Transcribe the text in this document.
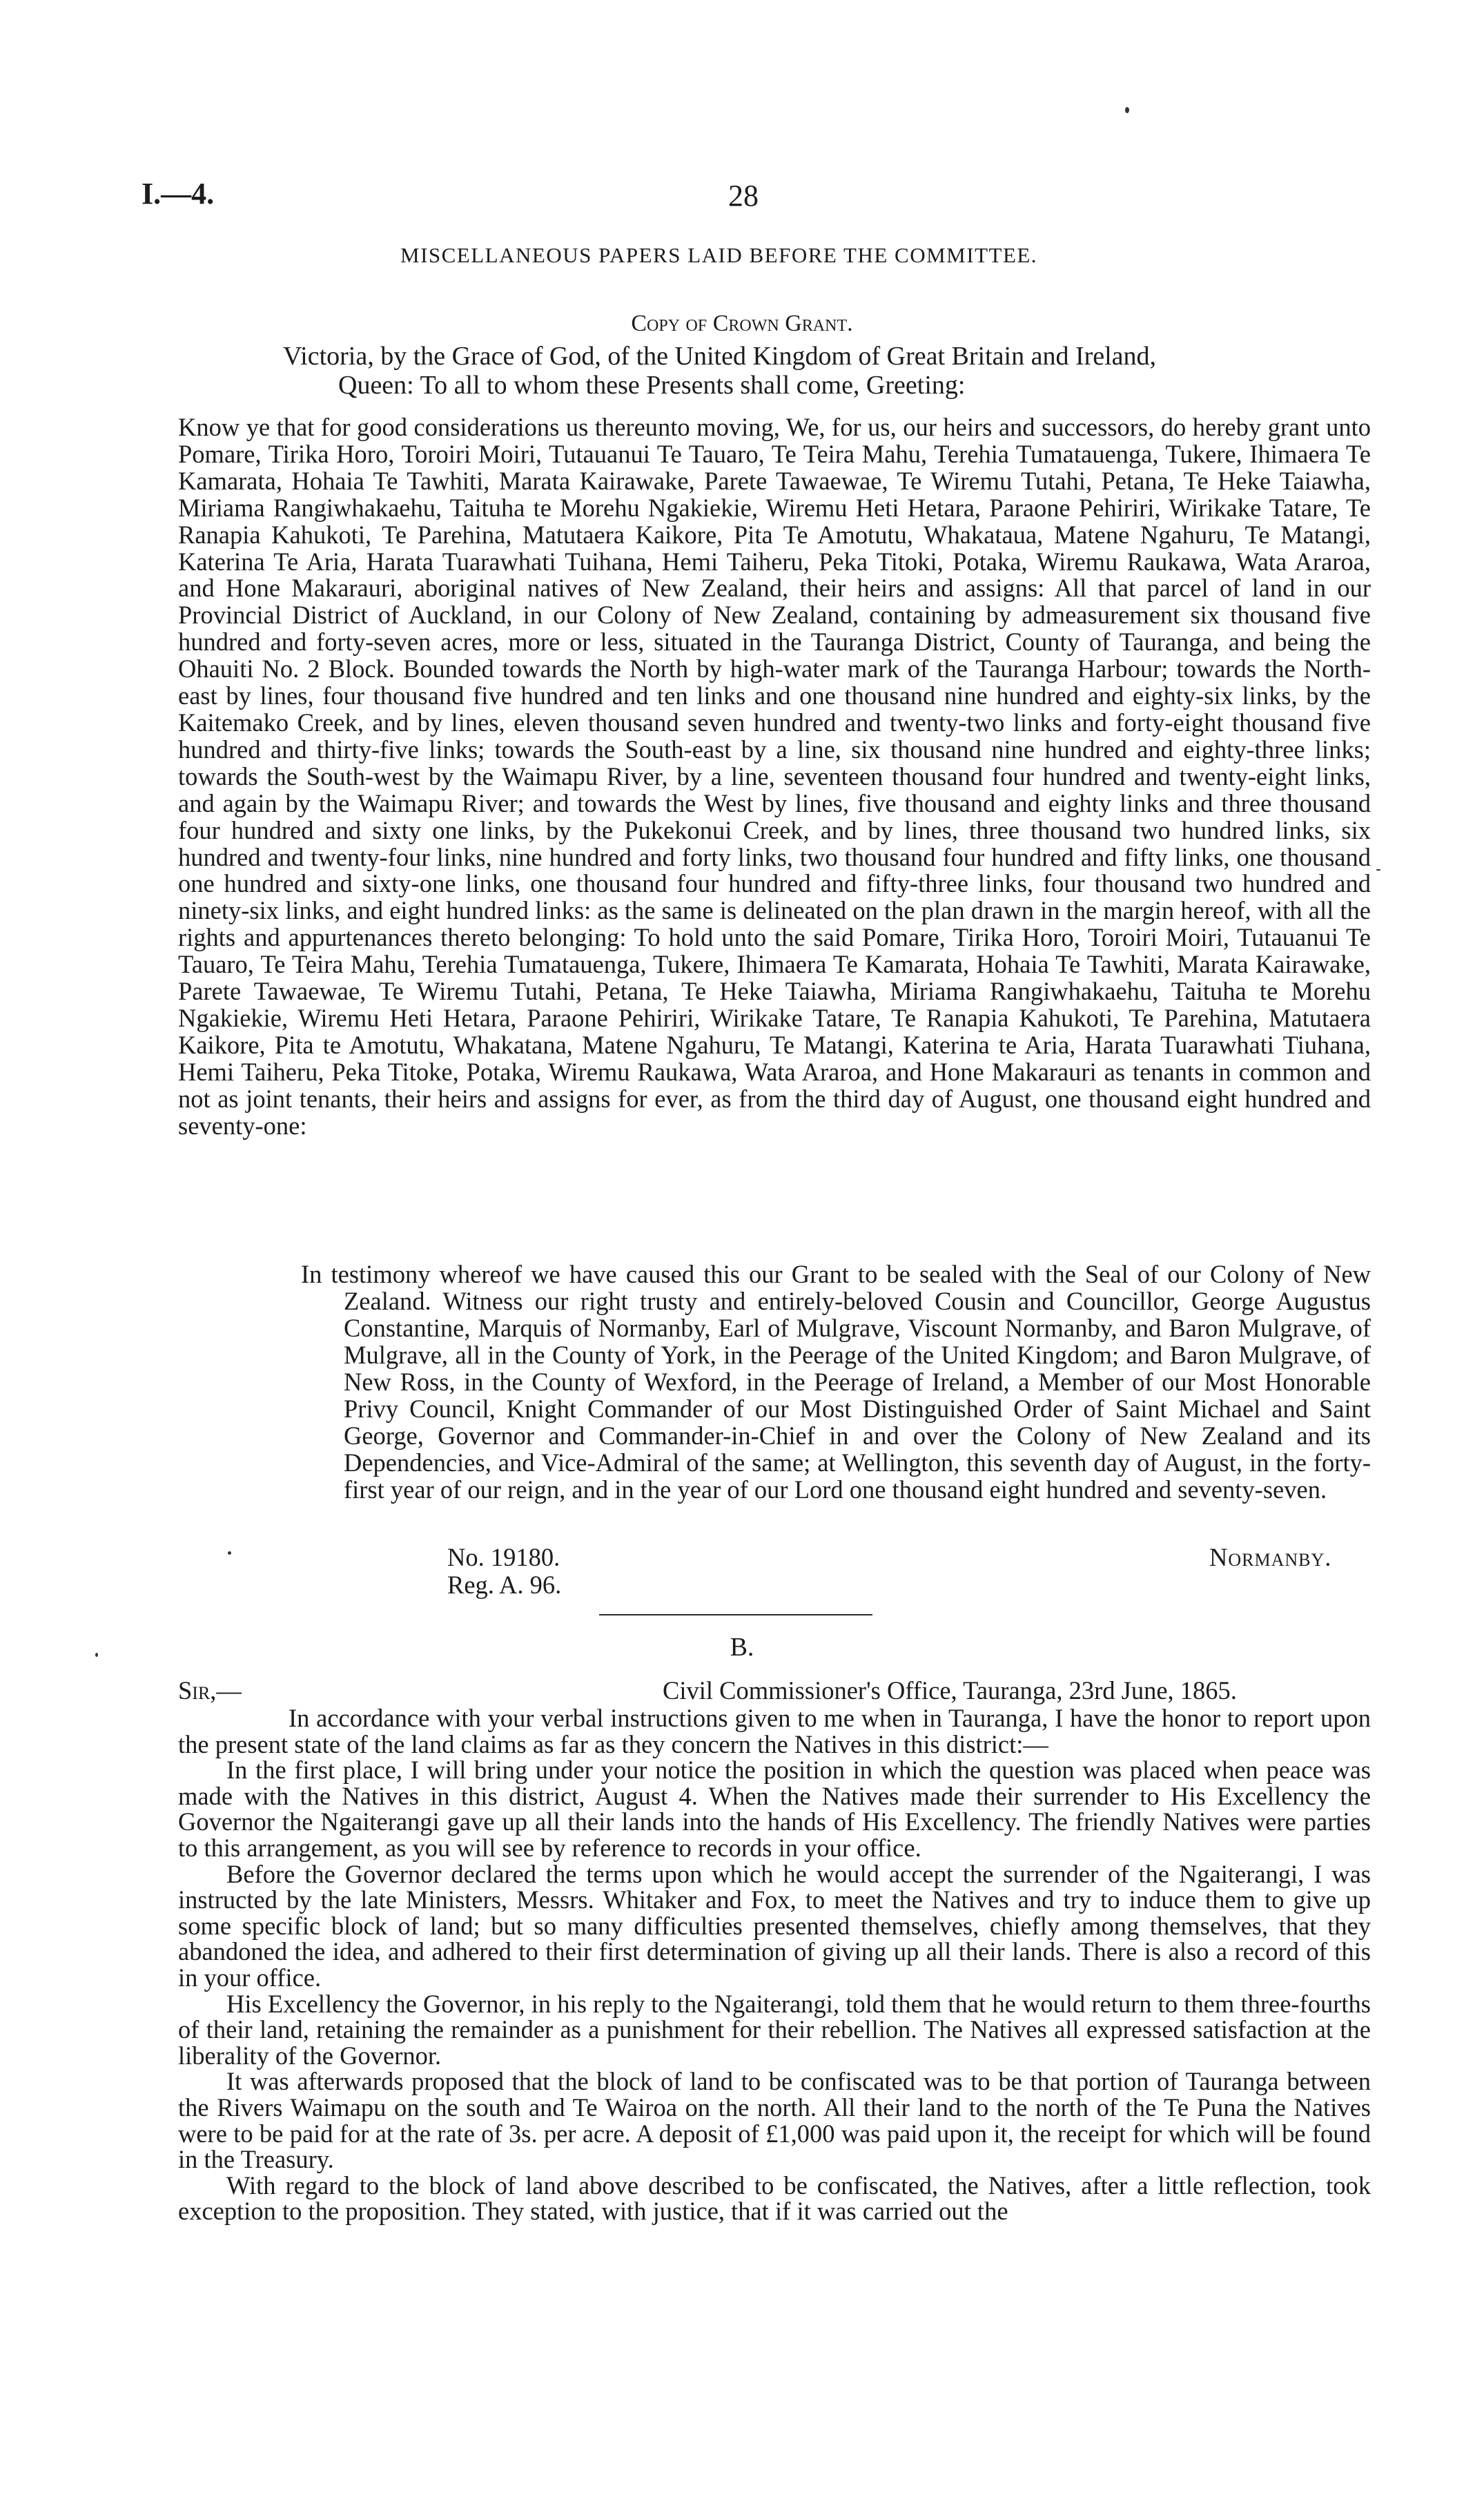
I.—4.	28
MISCELLANEOUS PAPERS LAID BEFORE THE COMMITTEE.
Copy of Crown Grant.
Victoria, by the Grace of God, of the United Kingdom of Great Britain and Ireland,
Queen: To all to whom these Presents shall come, Greeting:

Know ye that for good considerations us thereunto moving, We, for us, our heirs and successors, do hereby grant unto Pomare, Tirika Horo, Toroiri Moiri, Tutauanui Te Tauaro, Te Teira Mahu, Terehia Tumatauenga, Tukere, Ihimaera Te Kamarata, Hohaia Te Tawhiti, Marata Kairawake, Parete Tawaewae, Te Wiremu Tutahi, Petana, Te Heke Taiawha, Miriama Rangiwhakaehu, Taituha te Morehu Ngakiekie, Wiremu Heti Hetara, Paraone Pehiriri, Wirikake Tatare, Te Ranapia Kahukoti, Te Parehina, Matutaera Kaikore, Pita Te Amotutu, Whakataua, Matene Ngahuru, Te Matangi, Katerina Te Aria, Harata Tuarawhati Tuihana, Hemi Taiheru, Peka Titoki, Potaka, Wiremu Raukawa, Wata Araroa, and Hone Makarauri, aboriginal natives of New Zealand, their heirs and assigns: All that parcel of land in our Provincial District of Auckland, in our Colony of New Zealand, containing by admeasurement six thousand five hundred and forty-seven acres, more or less, situated in the Tauranga District, County of Tauranga, and being the Ohauiti No. 2 Block. Bounded towards the North by high-water mark of the Tauranga Harbour; towards the North-east by lines, four thousand five hundred and ten links and one thousand nine hundred and eighty-six links, by the Kaitemako Creek, and by lines, eleven thousand seven hundred and twenty-two links and forty-eight thousand five hundred and thirty-five links; towards the South-east by a line, six thousand nine hundred and eighty-three links; towards the South-west by the Waimapu River, by a line, seventeen thousand four hundred and twenty-eight links, and again by the Waimapu River; and towards the West by lines, five thousand and eighty links and three thousand four hundred and sixty one links, by the Pukekonui Creek, and by lines, three thousand two hundred links, six hundred and twenty-four links, nine hundred and forty links, two thousand four hundred and fifty links, one thousand one hundred and sixty-one links, one thousand four hundred and fifty-three links, four thousand two hundred and ninety-six links, and eight hundred links: as the same is delineated on the plan drawn in the margin hereof, with all the rights and appurtenances thereto belonging: To hold unto the said Pomare, Tirika Horo, Toroiri Moiri, Tutauanui Te Tauaro, Te Teira Mahu, Terehia Tumatauenga, Tukere, Ihimaera Te Kamarata, Hohaia Te Tawhiti, Marata Kairawake, Parete Tawaewae, Te Wiremu Tutahi, Petana, Te Heke Taiawha, Miriama Rangiwhakaehu, Taituha te Morehu Ngakiekie, Wiremu Heti Hetara, Paraone Pehiriri, Wirikake Tatare, Te Ranapia Kahukoti, Te Parehina, Matutaera Kaikore, Pita te Amotutu, Whakatana, Matene Ngahuru, Te Matangi, Katerina te Aria, Harata Tuarawhati Tiuhana, Hemi Taiheru, Peka Titoke, Potaka, Wiremu Raukawa, Wata Araroa, and Hone Makarauri as tenants in common and not as joint tenants, their heirs and assigns for ever, as from the third day of August, one thousand eight hundred and seventy-one:

In testimony whereof we have caused this our Grant to be sealed with the Seal of our Colony of New Zealand. Witness our right trusty and entirely-beloved Cousin and Councillor, George Augustus Constantine, Marquis of Normanby, Earl of Mulgrave, Viscount Normanby, and Baron Mulgrave, of Mulgrave, all in the County of York, in the Peerage of the United Kingdom; and Baron Mulgrave, of New Ross, in the County of Wexford, in the Peerage of Ireland, a Member of our Most Honorable Privy Council, Knight Commander of our Most Distinguished Order of Saint Michael and Saint George, Governor and Commander-in-Chief in and over the Colony of New Zealand and its Dependencies, and Vice-Admiral of the same; at Wellington, this seventh day of August, in the forty-first year of our reign, and in the year of our Lord one thousand eight hundred and seventy-seven.

No. 19180.
Reg. A. 96.
Normanby.
B.
Sir,—	Civil Commissioner's Office, Tauranga, 23rd June, 1865.

In accordance with your verbal instructions given to me when in Tauranga, I have the honor to report upon the present state of the land claims as far as they concern the Natives in this district:—

In the first place, I will bring under your notice the position in which the question was placed when peace was made with the Natives in this district, August 4. When the Natives made their surrender to His Excellency the Governor the Ngaiterangi gave up all their lands into the hands of His Excellency. The friendly Natives were parties to this arrangement, as you will see by reference to records in your office.

Before the Governor declared the terms upon which he would accept the surrender of the Ngaiterangi, I was instructed by the late Ministers, Messrs. Whitaker and Fox, to meet the Natives and try to induce them to give up some specific block of land; but so many difficulties presented themselves, chiefly among themselves, that they abandoned the idea, and adhered to their first determination of giving up all their lands. There is also a record of this in your office.

His Excellency the Governor, in his reply to the Ngaiterangi, told them that he would return to them three-fourths of their land, retaining the remainder as a punishment for their rebellion. The Natives all expressed satisfaction at the liberality of the Governor.

It was afterwards proposed that the block of land to be confiscated was to be that portion of Tauranga between the Rivers Waimapu on the south and Te Wairoa on the north. All their land to the north of the Te Puna the Natives were to be paid for at the rate of 3s. per acre. A deposit of £1,000 was paid upon it, the receipt for which will be found in the Treasury.

With regard to the block of land above described to be confiscated, the Natives, after a little reflection, took exception to the proposition. They stated, with justice, that if it was carried out the
